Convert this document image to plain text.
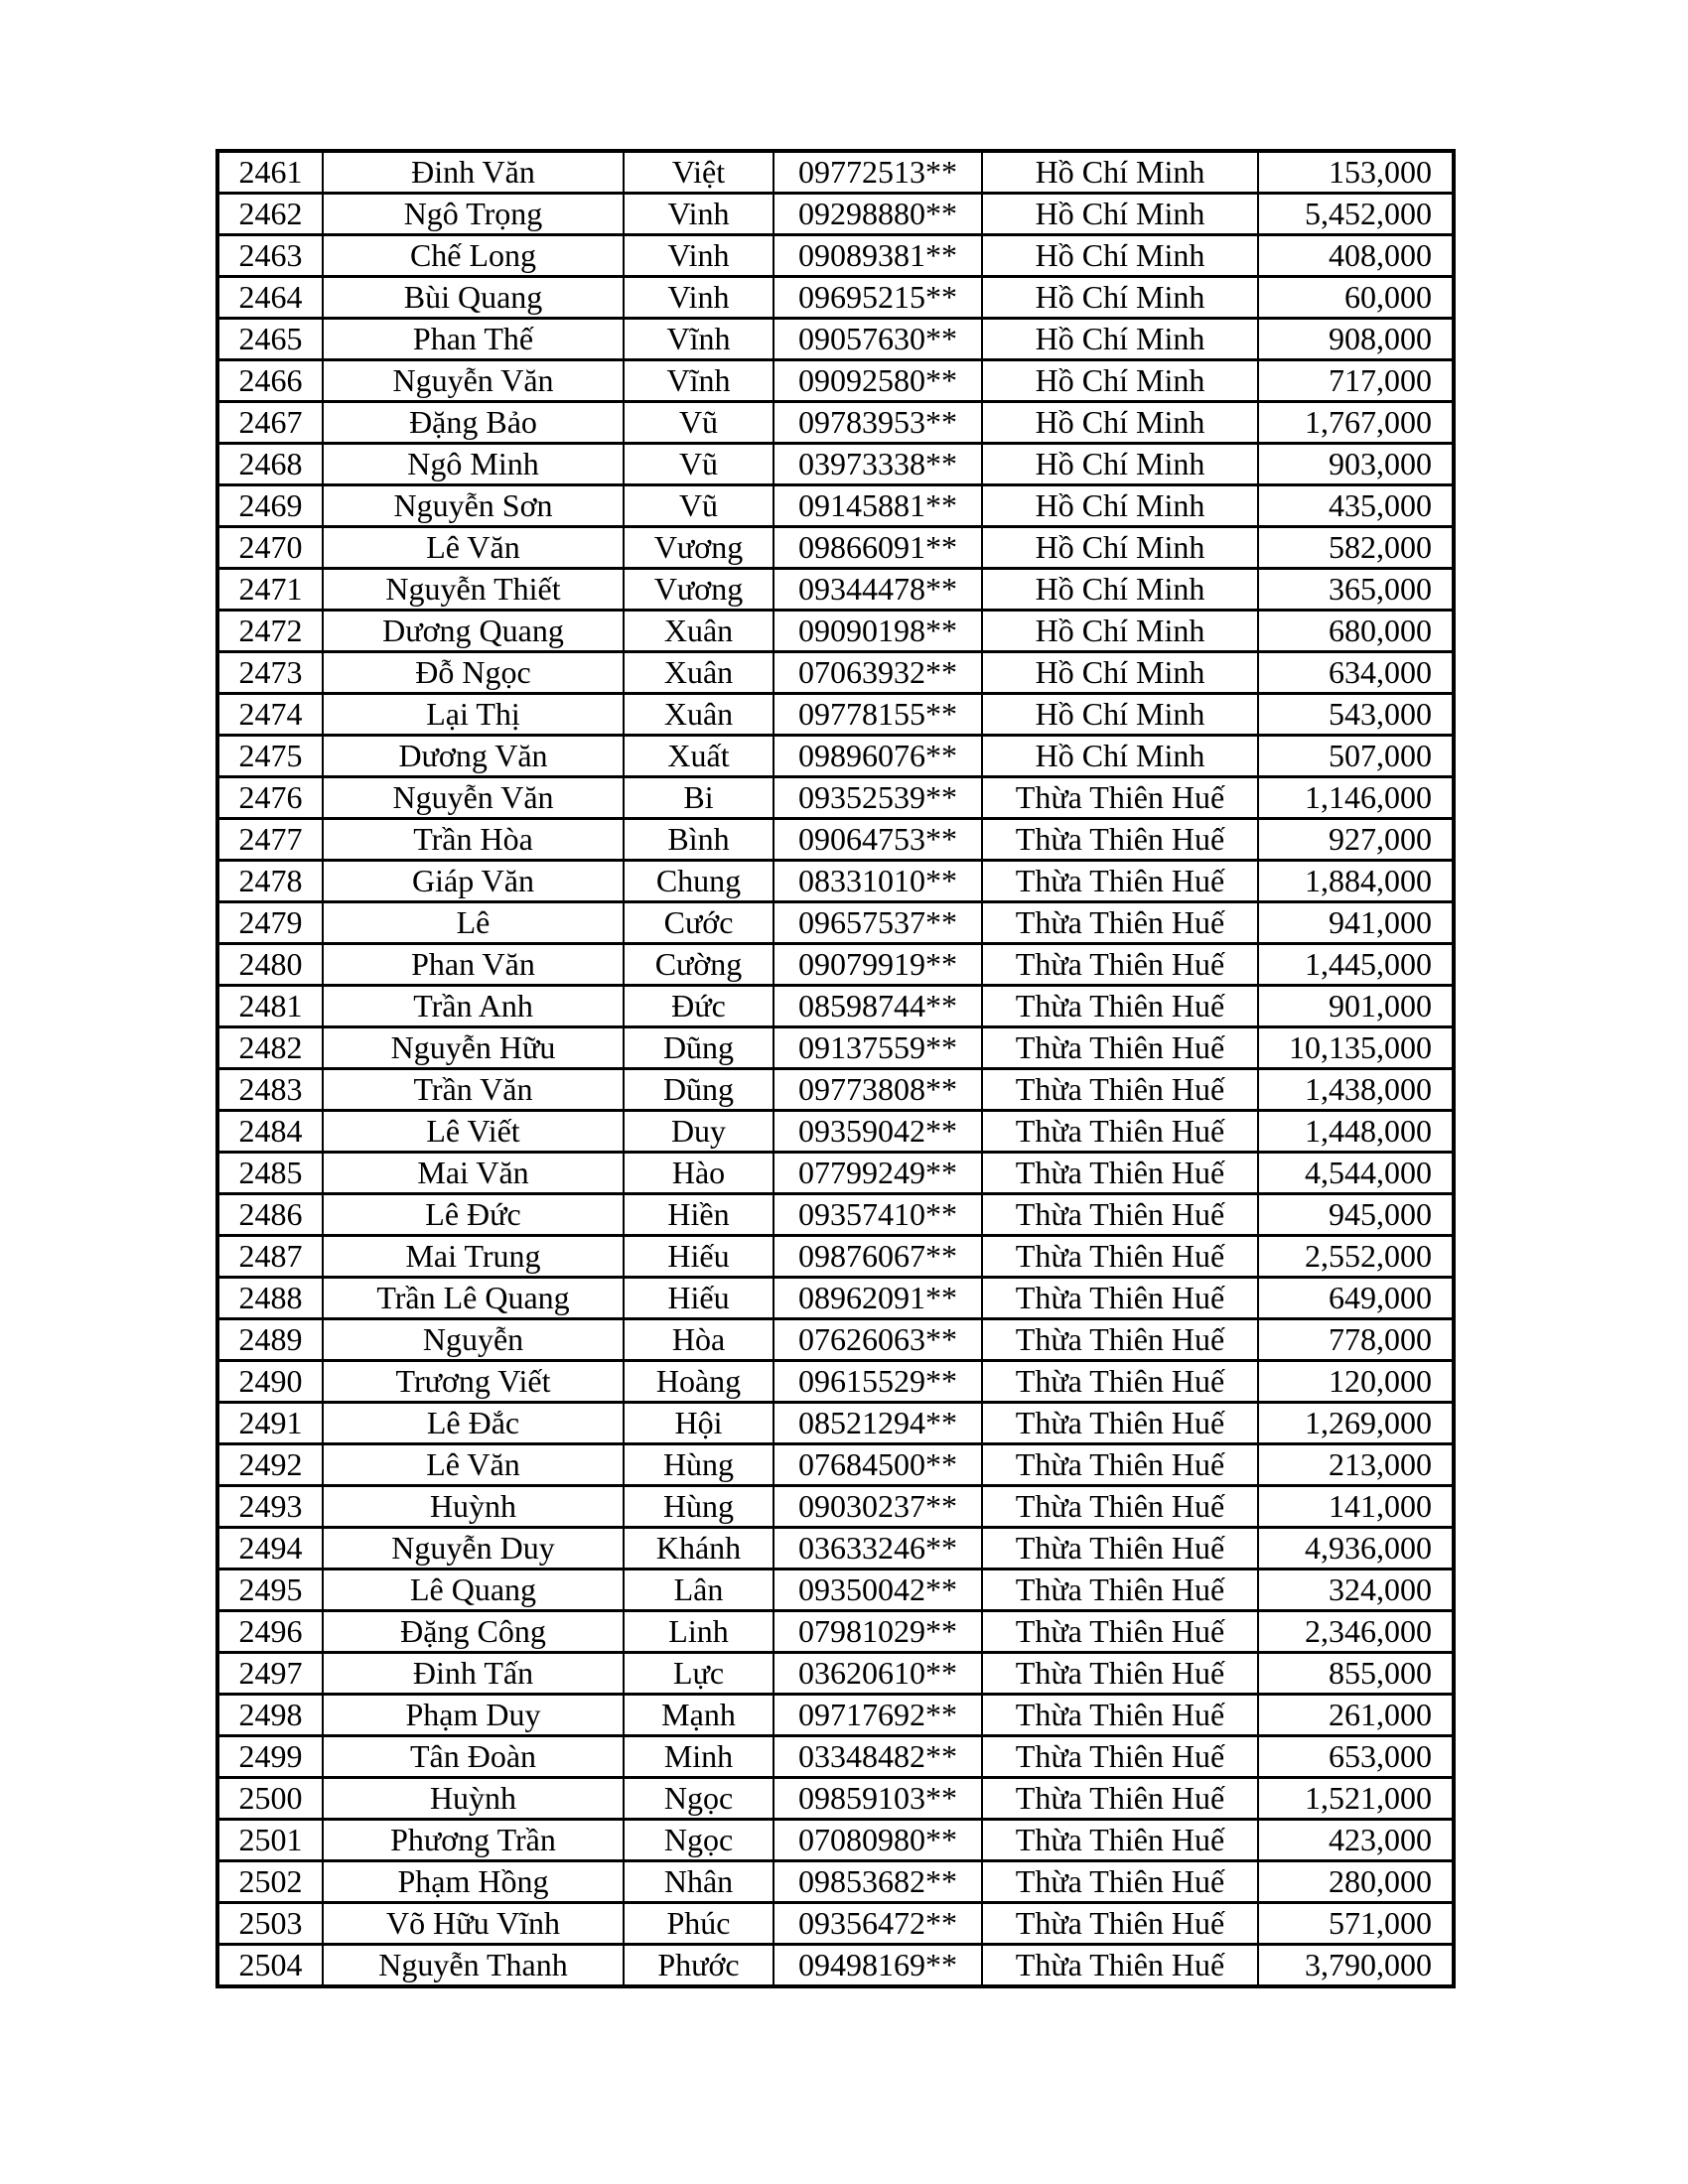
2461	Đinh Văn	Việt	09772513**	Hồ Chí Minh	153,000
2462	Ngô Trọng	Vinh	09298880**	Hồ Chí Minh	5,452,000
2463	Chế Long	Vinh	09089381**	Hồ Chí Minh	408,000
2464	Bùi Quang	Vinh	09695215**	Hồ Chí Minh	60,000
2465	Phan Thế	Vĩnh	09057630**	Hồ Chí Minh	908,000
2466	Nguyễn Văn	Vĩnh	09092580**	Hồ Chí Minh	717,000
2467	Đặng Bảo	Vũ	09783953**	Hồ Chí Minh	1,767,000
2468	Ngô Minh	Vũ	03973338**	Hồ Chí Minh	903,000
2469	Nguyễn Sơn	Vũ	09145881**	Hồ Chí Minh	435,000
2470	Lê Văn	Vương	09866091**	Hồ Chí Minh	582,000
2471	Nguyễn Thiết	Vương	09344478**	Hồ Chí Minh	365,000
2472	Dương Quang	Xuân	09090198**	Hồ Chí Minh	680,000
2473	Đỗ Ngọc	Xuân	07063932**	Hồ Chí Minh	634,000
2474	Lại Thị	Xuân	09778155**	Hồ Chí Minh	543,000
2475	Dương Văn	Xuất	09896076**	Hồ Chí Minh	507,000
2476	Nguyễn Văn	Bi	09352539**	Thừa Thiên Huế	1,146,000
2477	Trần Hòa	Bình	09064753**	Thừa Thiên Huế	927,000
2478	Giáp Văn	Chung	08331010**	Thừa Thiên Huế	1,884,000
2479	Lê	Cước	09657537**	Thừa Thiên Huế	941,000
2480	Phan Văn	Cường	09079919**	Thừa Thiên Huế	1,445,000
2481	Trần Anh	Đức	08598744**	Thừa Thiên Huế	901,000
2482	Nguyễn Hữu	Dũng	09137559**	Thừa Thiên Huế	10,135,000
2483	Trần Văn	Dũng	09773808**	Thừa Thiên Huế	1,438,000
2484	Lê Viết	Duy	09359042**	Thừa Thiên Huế	1,448,000
2485	Mai Văn	Hào	07799249**	Thừa Thiên Huế	4,544,000
2486	Lê Đức	Hiền	09357410**	Thừa Thiên Huế	945,000
2487	Mai Trung	Hiếu	09876067**	Thừa Thiên Huế	2,552,000
2488	Trần Lê Quang	Hiếu	08962091**	Thừa Thiên Huế	649,000
2489	Nguyễn	Hòa	07626063**	Thừa Thiên Huế	778,000
2490	Trương Viết	Hoàng	09615529**	Thừa Thiên Huế	120,000
2491	Lê Đắc	Hội	08521294**	Thừa Thiên Huế	1,269,000
2492	Lê Văn	Hùng	07684500**	Thừa Thiên Huế	213,000
2493	Huỳnh	Hùng	09030237**	Thừa Thiên Huế	141,000
2494	Nguyễn Duy	Khánh	03633246**	Thừa Thiên Huế	4,936,000
2495	Lê Quang	Lân	09350042**	Thừa Thiên Huế	324,000
2496	Đặng Công	Linh	07981029**	Thừa Thiên Huế	2,346,000
2497	Đinh Tấn	Lực	03620610**	Thừa Thiên Huế	855,000
2498	Phạm Duy	Mạnh	09717692**	Thừa Thiên Huế	261,000
2499	Tân Đoàn	Minh	03348482**	Thừa Thiên Huế	653,000
2500	Huỳnh	Ngọc	09859103**	Thừa Thiên Huế	1,521,000
2501	Phương Trần	Ngọc	07080980**	Thừa Thiên Huế	423,000
2502	Phạm Hồng	Nhân	09853682**	Thừa Thiên Huế	280,000
2503	Võ Hữu Vĩnh	Phúc	09356472**	Thừa Thiên Huế	571,000
2504	Nguyễn Thanh	Phước	09498169**	Thừa Thiên Huế	3,790,000
